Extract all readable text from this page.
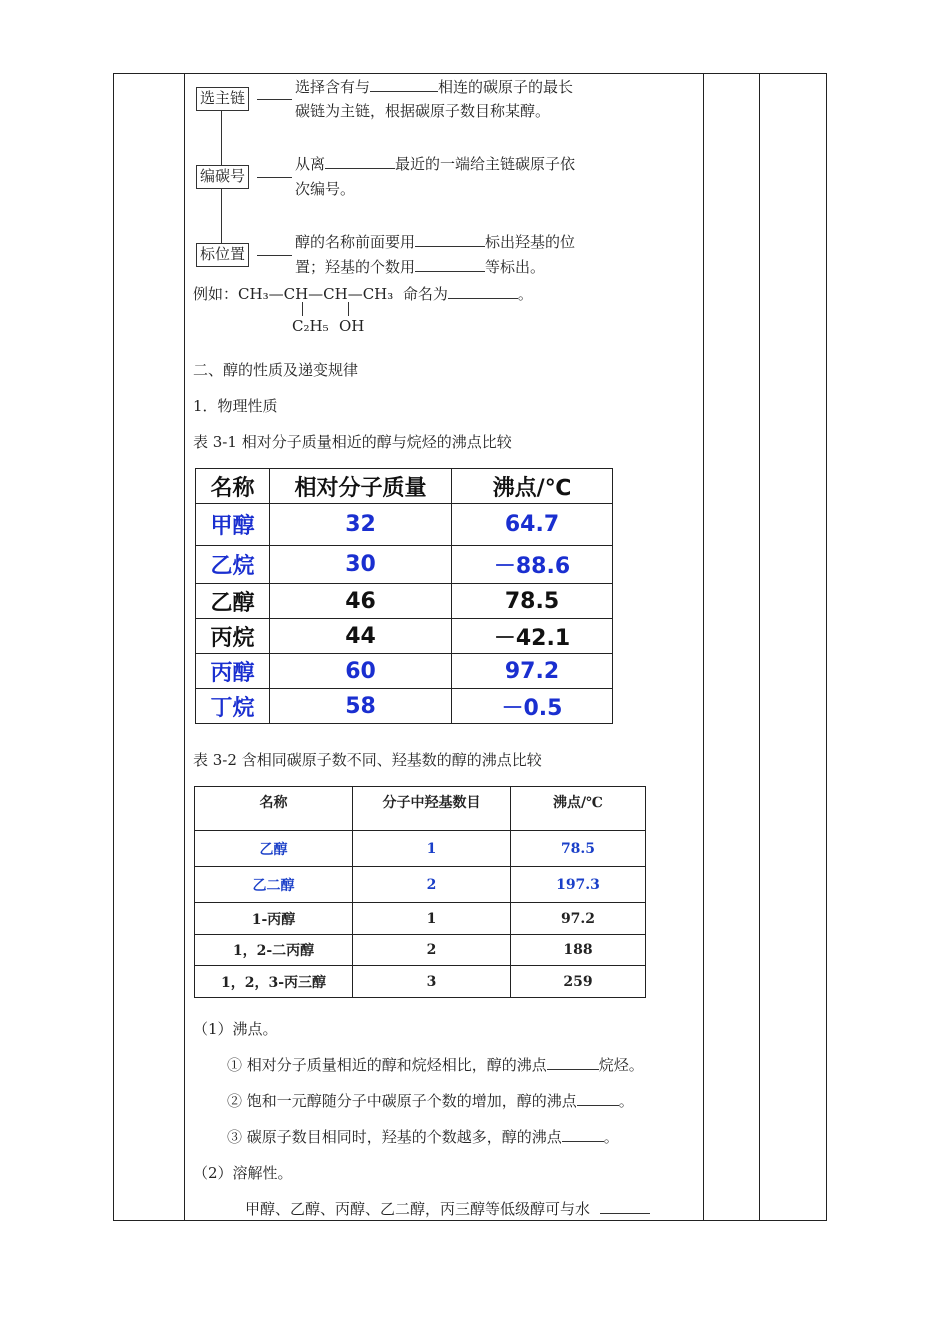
选主链
选择含有与	相连的碳原子的最长
碳链为主链，根据碳原子数目称某醇。
编碳号
从离	最近的一端给主链碳原子依
次编号。
标位置
醇的名称前面要用	标出羟基的位
置；羟基的个数用	等标出。
例如：CH₃—CH—CH—CH₃ 命名为	。
C₂H₅ OH
二、醇的性质及递变规律
1．物理性质
表 3-1 相对分子质量相近的醇与烷烃的沸点比较
名称	相对分子质量	沸点/℃
甲醇	32	64.7
乙烷	30	－88.6
乙醇	46	78.5
丙烷	44	－42.1
丙醇	60	97.2
丁烷	58	－0.5
表 3-2 含相同碳原子数不同、羟基数的醇的沸点比较
名称	分子中羟基数目	沸点/℃
乙醇	1	78.5
乙二醇	2	197.3
1-丙醇	1	97.2
1，2-二丙醇	2	188
1，2，3-丙三醇	3	259
（1）沸点。
① 相对分子质量相近的醇和烷烃相比，醇的沸点	烷烃。
② 饱和一元醇随分子中碳原子个数的增加，醇的沸点	。
③ 碳原子数目相同时，羟基的个数越多，醇的沸点	。
（2）溶解性。
甲醇、乙醇、丙醇、乙二醇，丙三醇等低级醇可与水
